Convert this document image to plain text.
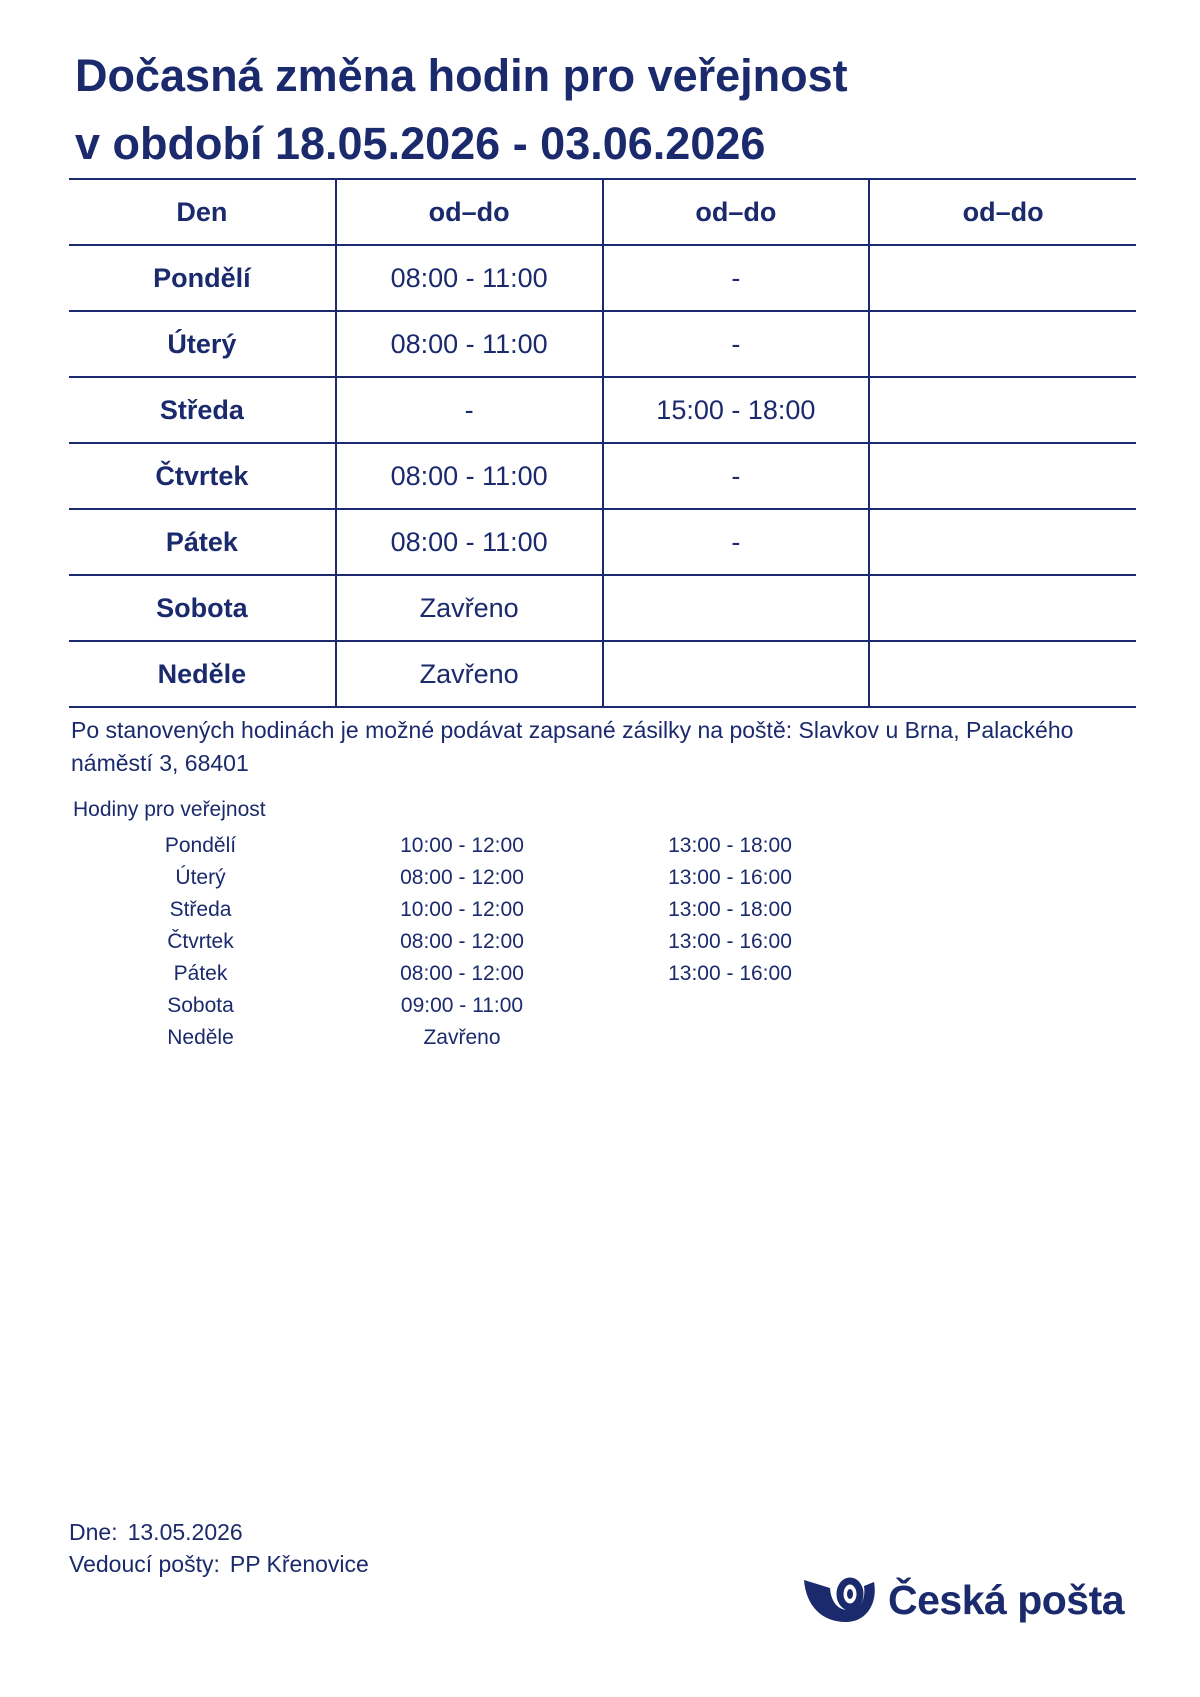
Dočasná změna hodin pro veřejnost
v období 18.05.2026 - 03.06.2026
Den	od–do	od–do	od–do
Pondělí	08:00 - 11:00	-	
Úterý	08:00 - 11:00	-	
Středa	-	15:00 - 18:00	
Čtvrtek	08:00 - 11:00	-	
Pátek	08:00 - 11:00	-	
Sobota	Zavřeno		
Neděle	Zavřeno		
Po stanovených hodinách je možné podávat zapsané zásilky na poště: Slavkov u Brna, Palackého náměstí 3, 68401
Hodiny pro veřejnost
Pondělí	10:00 - 12:00	13:00 - 18:00
Úterý	08:00 - 12:00	13:00 - 16:00
Středa	10:00 - 12:00	13:00 - 18:00
Čtvrtek	08:00 - 12:00	13:00 - 16:00
Pátek	08:00 - 12:00	13:00 - 16:00
Sobota	09:00 - 11:00	
Neděle	Zavřeno	
Dne: 13.05.2026
Vedoucí pošty: PP Křenovice
Česká pošta
